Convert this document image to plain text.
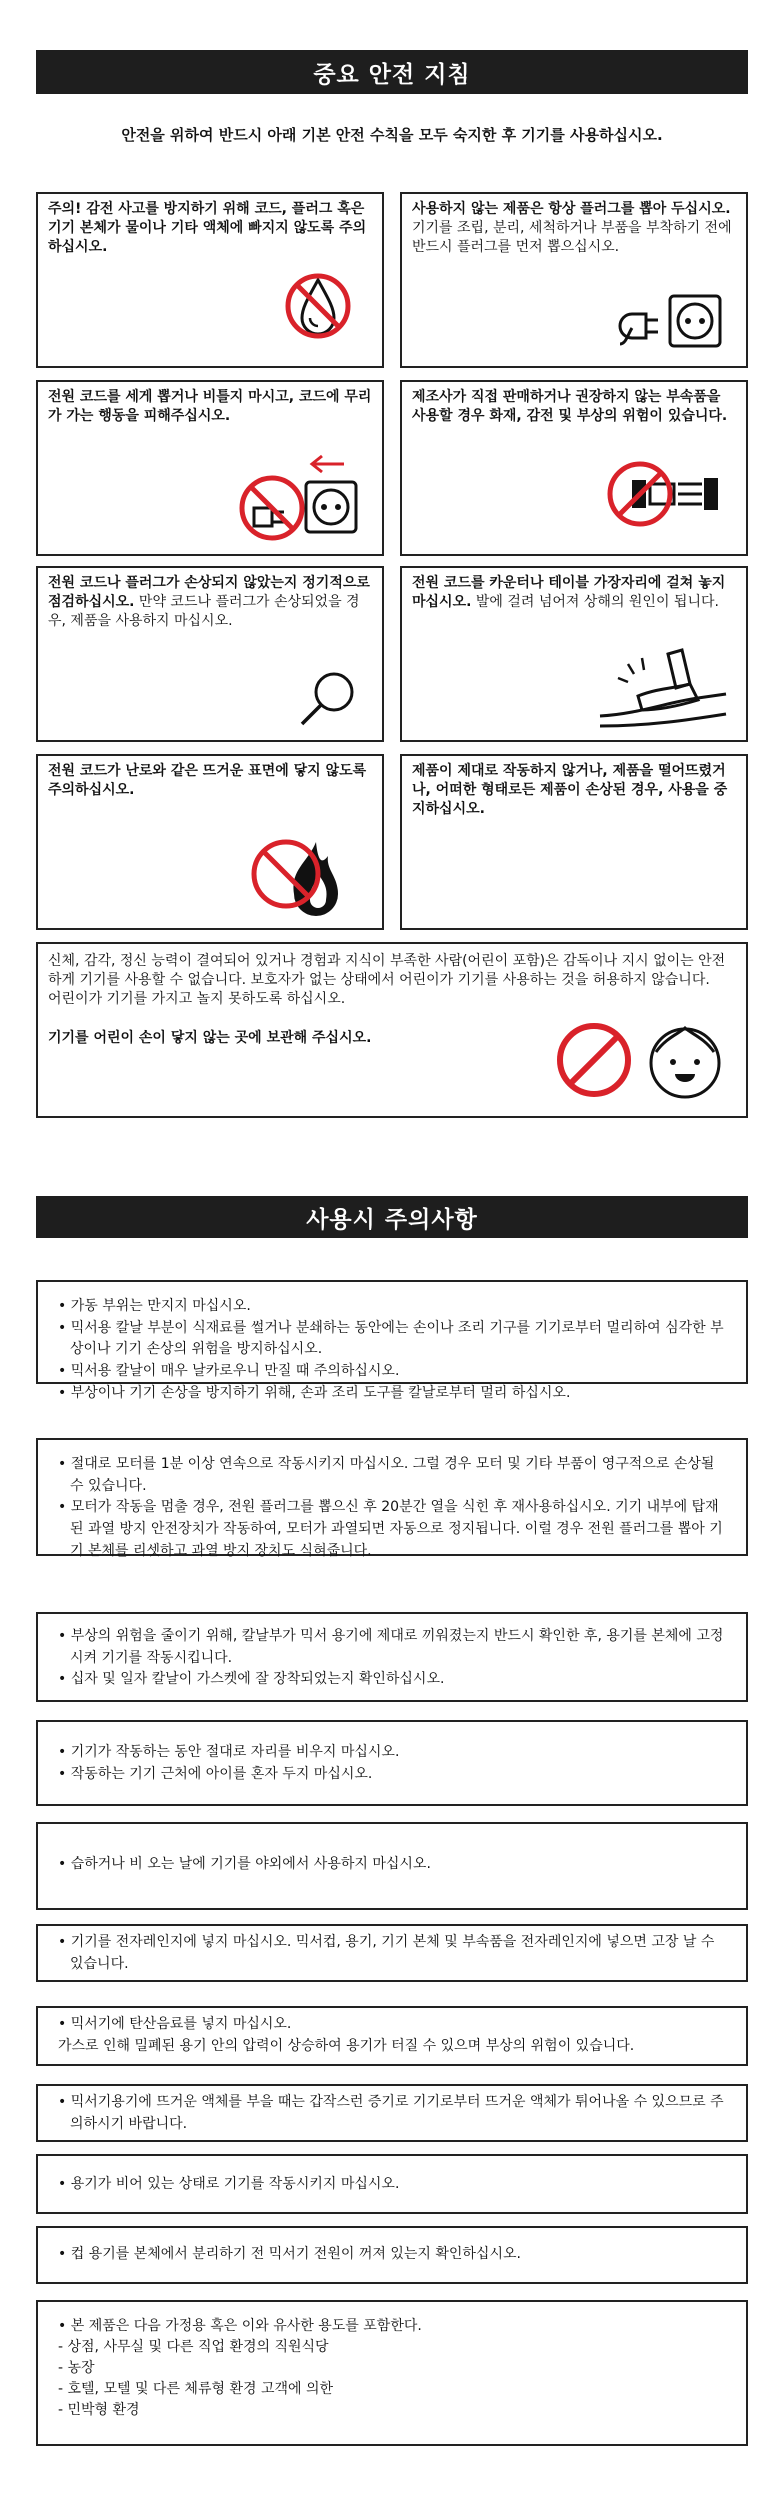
중요 안전 지침
안전을 위하여 반드시 아래 기본 안전 수칙을 모두 숙지한 후 기기를 사용하십시오.
주의! 감전 사고를 방지하기 위해 코드, 플러그 혹은 기기 본체가 물이나 기타 액체에 빠지지 않도록 주의하십시오.
사용하지 않는 제품은 항상 플러그를 뽑아 두십시오. 기기를 조립, 분리, 세척하거나 부품을 부착하기 전에 반드시 플러그를 먼저 뽑으십시오.
전원 코드를 세게 뽑거나 비틀지 마시고, 코드에 무리가 가는 행동을 피해주십시오.
제조사가 직접 판매하거나 권장하지 않는 부속품을 사용할 경우 화재, 감전 및 부상의 위험이 있습니다.
전원 코드나 플러그가 손상되지 않았는지 정기적으로 점검하십시오. 만약 코드나 플러그가 손상되었을 경우, 제품을 사용하지 마십시오.
전원 코드를 카운터나 테이블 가장자리에 걸쳐 놓지 마십시오. 발에 걸려 넘어져 상해의 원인이 됩니다.
전원 코드가 난로와 같은 뜨거운 표면에 닿지 않도록 주의하십시오.
제품이 제대로 작동하지 않거나, 제품을 떨어뜨렸거나, 어떠한 형태로든 제품이 손상된 경우, 사용을 중지하십시오.
신체, 감각, 정신 능력이 결여되어 있거나 경험과 지식이 부족한 사람(어린이 포함)은 감독이나 지시 없이는 안전하게 기기를 사용할 수 없습니다. 보호자가 없는 상태에서 어린이가 기기를 사용하는 것을 허용하지 않습니다.
어린이가 기기를 가지고 놀지 못하도록 하십시오.
기기를 어린이 손이 닿지 않는 곳에 보관해 주십시오.
사용시 주의사항
• 가동 부위는 만지지 마십시오.
• 믹서용 칼날 부분이 식재료를 썰거나 분쇄하는 동안에는 손이나 조리 기구를 기기로부터 멀리하여 심각한 부상이나 기기 손상의 위험을 방지하십시오.
• 믹서용 칼날이 매우 날카로우니 만질 때 주의하십시오.
• 부상이나 기기 손상을 방지하기 위해, 손과 조리 도구를 칼날로부터 멀리 하십시오.
• 절대로 모터를 1분 이상 연속으로 작동시키지 마십시오. 그럴 경우 모터 및 기타 부품이 영구적으로 손상될 수 있습니다.
• 모터가 작동을 멈출 경우, 전원 플러그를 뽑으신 후 20분간 열을 식힌 후 재사용하십시오. 기기 내부에 탑재된 과열 방지 안전장치가 작동하여, 모터가 과열되면 자동으로 정지됩니다. 이럴 경우 전원 플러그를 뽑아 기기 본체를 리셋하고 과열 방지 장치도 식혀줍니다.
• 부상의 위험을 줄이기 위해, 칼날부가 믹서 용기에 제대로 끼워졌는지 반드시 확인한 후, 용기를 본체에 고정시켜 기기를 작동시킵니다.
• 십자 및 일자 칼날이 가스켓에 잘 장착되었는지 확인하십시오.
• 기기가 작동하는 동안 절대로 자리를 비우지 마십시오.
• 작동하는 기기 근처에 아이를 혼자 두지 마십시오.
• 습하거나 비 오는 날에 기기를 야외에서 사용하지 마십시오.
• 기기를 전자레인지에 넣지 마십시오. 믹서컵, 용기, 기기 본체 및 부속품을 전자레인지에 넣으면 고장 날 수 있습니다.
• 믹서기에 탄산음료를 넣지 마십시오.
가스로 인해 밀폐된 용기 안의 압력이 상승하여 용기가 터질 수 있으며 부상의 위험이 있습니다.
• 믹서기용기에 뜨거운 액체를 부을 때는 갑작스런 증기로 기기로부터 뜨거운 액체가 튀어나올 수 있으므로 주의하시기 바랍니다.
• 용기가 비어 있는 상태로 기기를 작동시키지 마십시오.
• 컵 용기를 본체에서 분리하기 전 믹서기 전원이 꺼져 있는지 확인하십시오.
• 본 제품은 다음 가정용 혹은 이와 유사한 용도를 포함한다.
- 상점, 사무실 및 다른 직업 환경의 직원식당
- 농장
- 호텔, 모텔 및 다른 체류형 환경 고객에 의한
- 민박형 환경
